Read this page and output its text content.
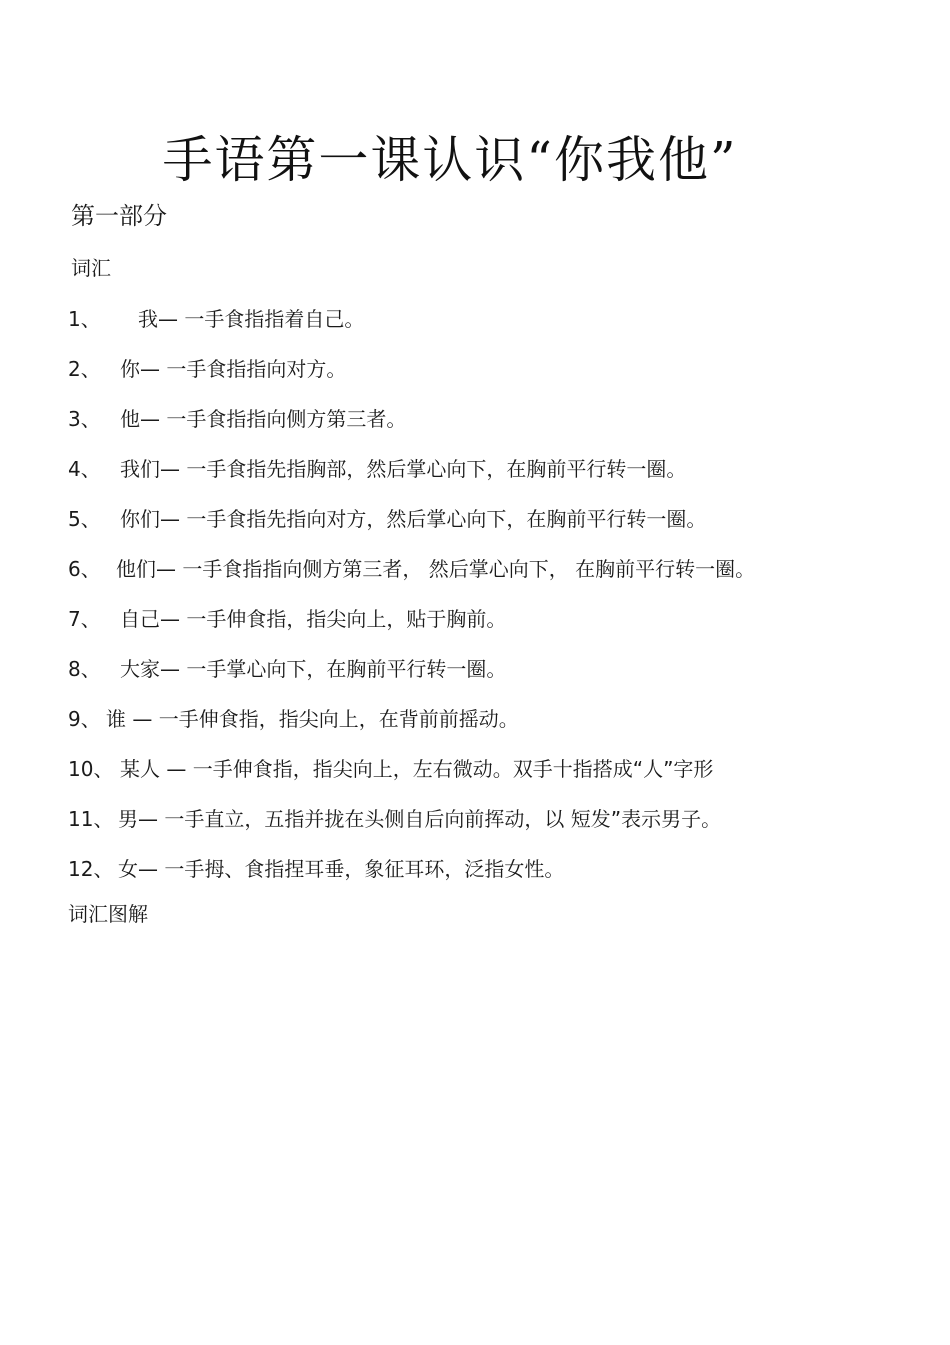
手语第一课认识“你我他”
第一部分
词汇
1、	我— 一手食指指着自己。
2、 你— 一手食指指向对方。
3、 他— 一手食指指向侧方第三者。
4、 我们— 一手食指先指胸部，然后掌心向下，在胸前平行转一圈。
5、 你们— 一手食指先指向对方，然后掌心向下，在胸前平行转一圈。
6、 他们— 一手食指指向侧方第三者， 然后掌心向下， 在胸前平行转一圈。
7、 自己— 一手伸食指，指尖向上，贴于胸前。
8、 大家— 一手掌心向下，在胸前平行转一圈。
9、 谁 — 一手伸食指，指尖向上，在背前前摇动。
10、 某人 — 一手伸食指，指尖向上，左右微动。双手十指搭成“人”字形
11、 男— 一手直立，五指并拢在头侧自后向前挥动，以 短发”表示男子。
12、 女— 一手拇、食指捏耳垂，象征耳环，泛指女性。
词汇图解
